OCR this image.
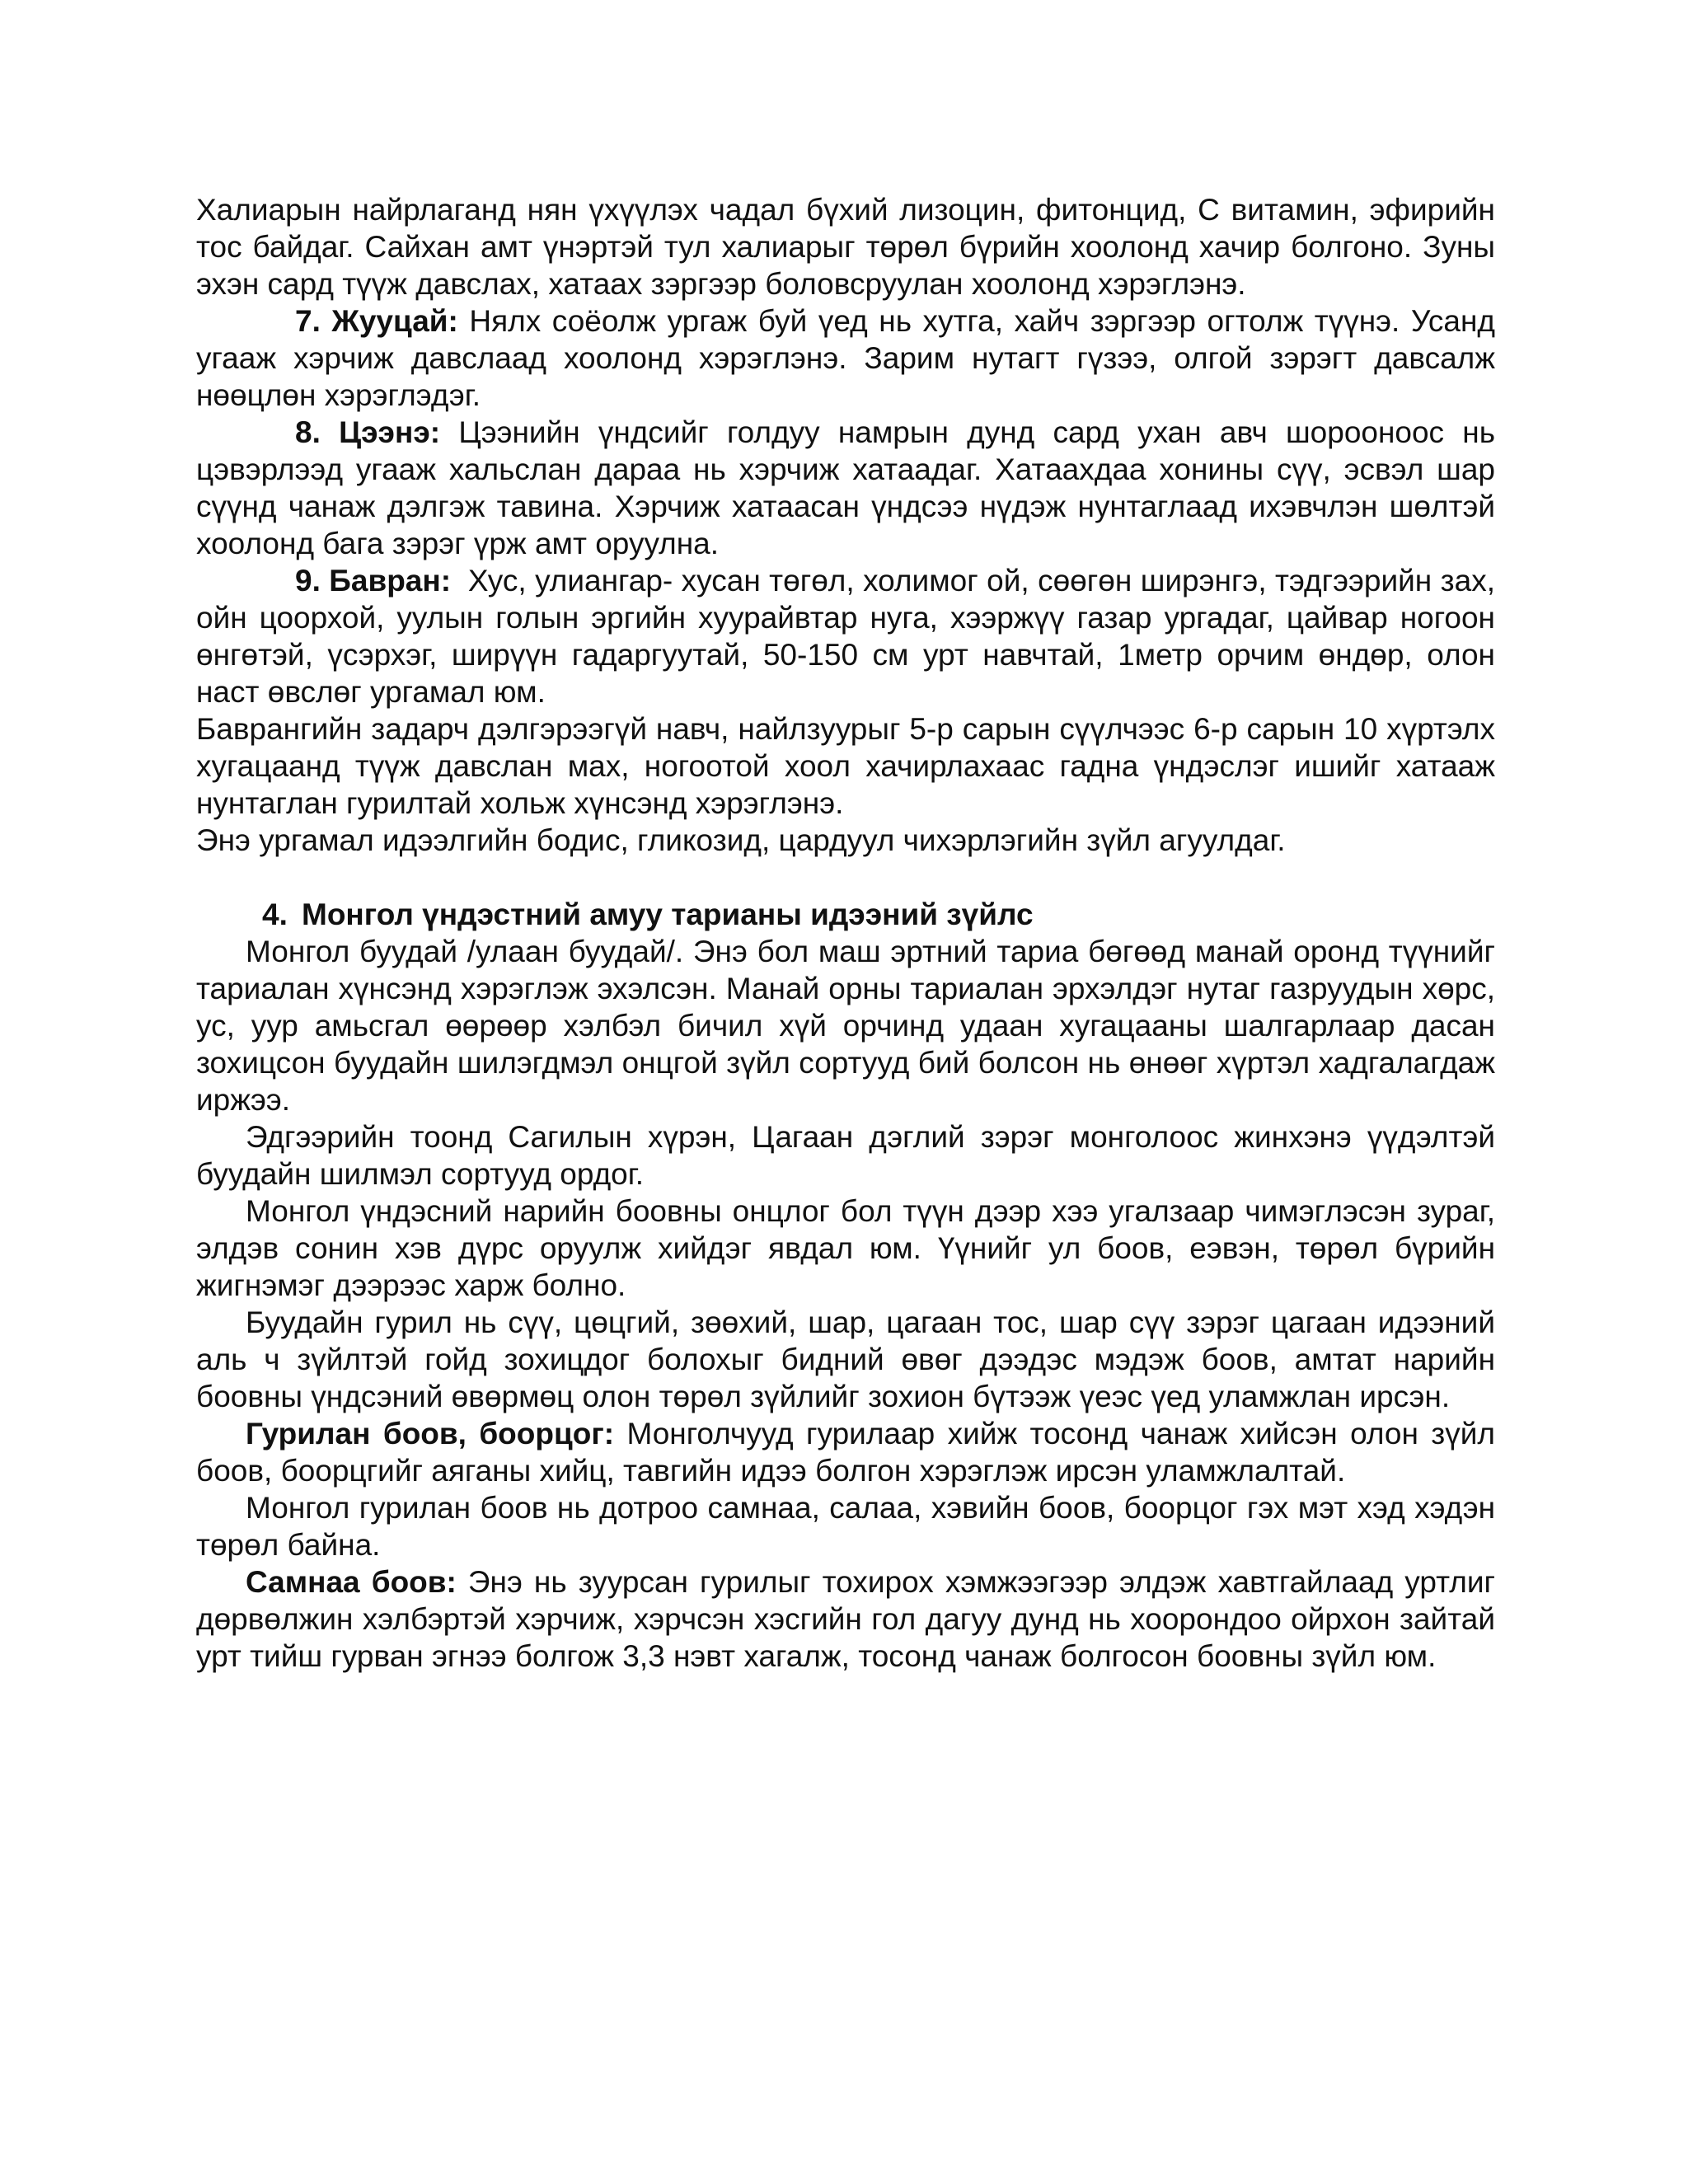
Халиарын найрлаганд нян үхүүлэх чадал бүхий лизоцин, фитонцид, С витамин, эфирийн тос байдаг. Сайхан амт үнэртэй тул халиарыг төрөл бүрийн хоолонд хачир болгоно. Зуны эхэн сард түүж давслах, хатаах зэргээр боловсруулан хоолонд хэрэглэнэ.

7. Жууцай: Нялх соёолж ургаж буй үед нь хутга, хайч зэргээр огтолж түүнэ. Усанд угааж хэрчиж давслаад хоолонд хэрэглэнэ. Зарим нутагт гүзээ, олгой зэрэгт давсалж нөөцлөн хэрэглэдэг.

8. Цээнэ: Цээнийн үндсийг голдуу намрын дунд сард ухан авч шорооноос нь цэвэрлээд угааж хальслан дараа нь хэрчиж хатаадаг. Хатаахдаа хонины сүү, эсвэл шар сүүнд чанаж дэлгэж тавина. Хэрчиж хатаасан үндсээ нүдэж нунтаглаад ихэвчлэн шөлтэй хоолонд бага зэрэг үрж амт оруулна.

9. Бавран:  Хус, улиангар- хусан төгөл, холимог ой, сөөгөн ширэнгэ, тэдгээрийн зах, ойн цоорхой, уулын голын эргийн хуурайвтар нуга, хээржүү газар ургадаг, цайвар ногоон өнгөтэй, үсэрхэг, ширүүн гадаргуутай, 50-150 см урт навчтай, 1метр орчим өндөр, олон наст өвслөг ургамал юм.

Баврангийн задарч дэлгэрээгүй навч, найлзуурыг 5-р сарын сүүлчээс 6-р сарын 10 хүртэлх хугацаанд түүж давслан мах, ногоотой хоол хачирлахаас гадна үндэслэг ишийг хатааж нунтаглан гурилтай хольж хүнсэнд хэрэглэнэ.

Энэ ургамал идээлгийн бодис, гликозид, цардуул чихэрлэгийн зүйл агуулдаг.

4. Монгол үндэстний амуу тарианы идээний зүйлс

Монгол буудай /улаан буудай/. Энэ бол маш эртний тариа бөгөөд манай оронд түүнийг тариалан хүнсэнд хэрэглэж эхэлсэн. Манай орны тариалан эрхэлдэг нутаг газруудын хөрс, ус, уур амьсгал өөрөөр хэлбэл бичил хүй орчинд удаан хугацааны шалгарлаар дасан зохицсон буудайн шилэгдмэл онцгой зүйл сортууд бий болсон нь өнөөг хүртэл хадгалагдаж иржээ.

Эдгээрийн тоонд Сагилын хүрэн, Цагаан дэглий зэрэг монголоос жинхэнэ үүдэлтэй буудайн шилмэл сортууд ордог.

Монгол үндэсний нарийн боовны онцлог бол түүн дээр хээ угалзаар чимэглэсэн зураг, элдэв сонин хэв дүрс оруулж хийдэг явдал юм. Үүнийг ул боов, еэвэн, төрөл бүрийн жигнэмэг дээрээс харж болно.

Буудайн гурил нь сүү, цөцгий, зөөхий, шар, цагаан тос, шар сүү зэрэг цагаан идээний аль ч зүйлтэй гойд зохицдог болохыг бидний өвөг дээдэс мэдэж боов, амтат нарийн боовны үндсэний өвөрмөц олон төрөл зүйлийг зохион бүтээж үеэс үед уламжлан ирсэн.

Гурилан боов, боорцог: Монголчууд гурилаар хийж тосонд чанаж хийсэн олон зүйл боов, боорцгийг аяганы хийц, тавгийн идээ болгон хэрэглэж ирсэн уламжлалтай.

Монгол гурилан боов нь дотроо самнаа, салаа, хэвийн боов, боорцог гэх мэт хэд хэдэн төрөл байна.

Самнаа боов: Энэ нь зуурсан гурилыг тохирох хэмжээгээр элдэж хавтгайлаад уртлиг дөрвөлжин хэлбэртэй хэрчиж, хэрчсэн хэсгийн гол дагуу дунд нь хоорондоо ойрхон зайтай урт тийш гурван эгнээ болгож 3,3 нэвт хагалж, тосонд чанаж болгосон боовны зүйл юм.
